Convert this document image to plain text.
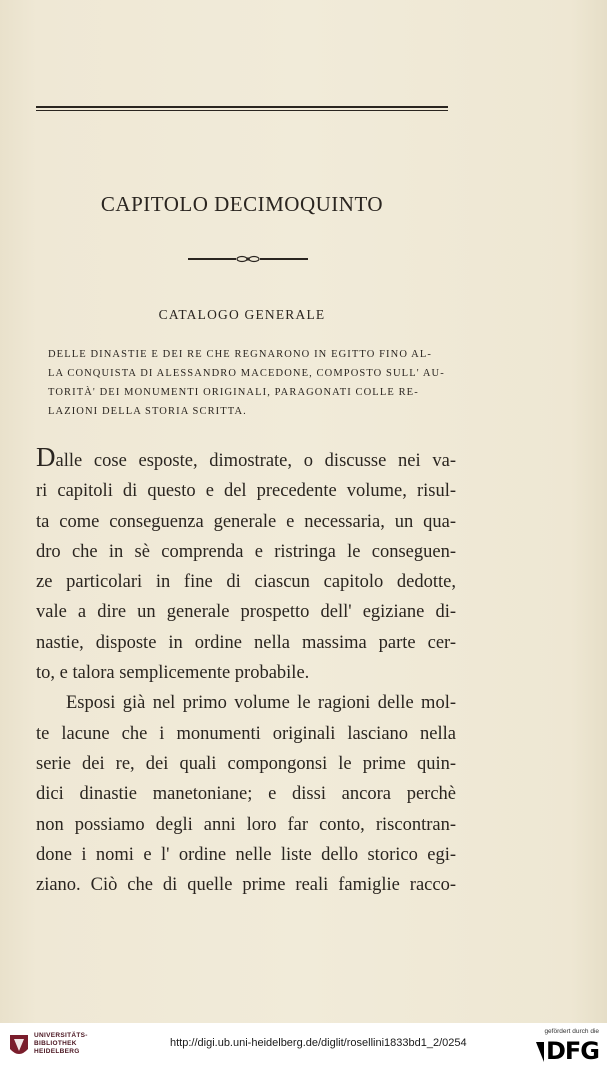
CAPITOLO DECIMOQUINTO
CATALOGO GENERALE
DELLE DINASTIE E DEI RE CHE REGNARONO IN EGITTO FINO AL-
LA CONQUISTA DI ALESSANDRO MACEDONE, COMPOSTO SULL' AU-
TORITÀ' DEI MONUMENTI ORIGINALI, PARAGONATI COLLE RE-
LAZIONI DELLA STORIA SCRITTA.
Dalle cose esposte, dimostrate, o discusse nei va-
ri capitoli di questo e del precedente volume, risul-
ta come conseguenza generale e necessaria, un qua-
dro che in sè comprenda e ristringa le conseguen-
ze particolari in fine di ciascun capitolo dedotte,
vale a dire un generale prospetto dell' egiziane di-
nastie, disposte in ordine nella massima parte cer-
to, e talora semplicemente probabile.
Esposi già nel primo volume le ragioni delle mol-
te lacune che i monumenti originali lasciano nella
serie dei re, dei quali compongonsi le prime quin-
dici dinastie manetoniane; e dissi ancora perchè
non possiamo degli anni loro far conto, riscontran-
done i nomi e l' ordine nelle liste dello storico egi-
ziano. Ciò che di quelle prime reali famiglie racco-
UNIVERSITÄTS-
BIBLIOTHEK
HEIDELBERG
http://digi.ub.uni-heidelberg.de/diglit/rosellini1833bd1_2/0254
gefördert durch die
DFG
